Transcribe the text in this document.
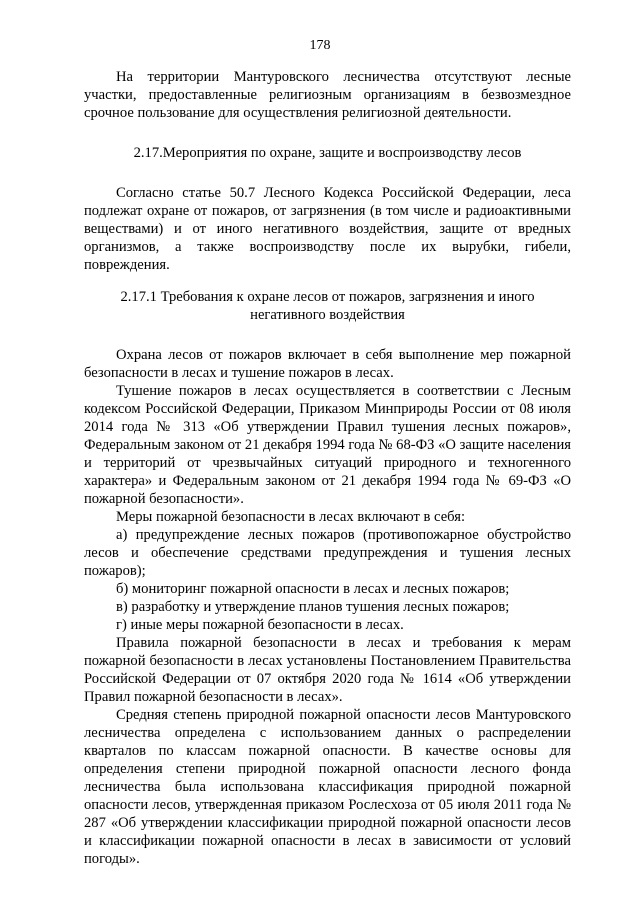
178

На территории Мантуровского лесничества отсутствуют лесные участки, предоставленные религиозным организациям в безвозмездное срочное пользование для осуществления религиозной деятельности.

2.17.Мероприятия по охране, защите и воспроизводству лесов

Согласно статье 50.7 Лесного Кодекса Российской Федерации, леса подлежат охране от пожаров, от загрязнения (в том числе и радиоактивными веществами) и от иного негативного воздействия, защите от вредных организмов, а также воспроизводству после их вырубки, гибели, повреждения.

2.17.1 Требования к охране лесов от пожаров, загрязнения и иного негативного воздействия

Охрана лесов от пожаров включает в себя выполнение мер пожарной безопасности в лесах и тушение пожаров в лесах.

Тушение пожаров в лесах осуществляется в соответствии с Лесным кодексом Российской Федерации, Приказом Минприроды России от 08 июля 2014 года № 313 «Об утверждении Правил тушения лесных пожаров», Федеральным законом от 21 декабря 1994 года № 68-ФЗ «О защите населения и территорий от чрезвычайных ситуаций природного и техногенного характера» и Федеральным законом от 21 декабря 1994 года № 69-ФЗ «О пожарной безопасности».

Меры пожарной безопасности в лесах включают в себя:

а) предупреждение лесных пожаров (противопожарное обустройство лесов и обеспечение средствами предупреждения и тушения лесных пожаров);

б) мониторинг пожарной опасности в лесах и лесных пожаров;

в) разработку и утверждение планов тушения лесных пожаров;

г) иные меры пожарной безопасности в лесах.

Правила пожарной безопасности в лесах и требования к мерам пожарной безопасности в лесах установлены Постановлением Правительства Российской Федерации от 07 октября 2020 года № 1614 «Об утверждении Правил пожарной безопасности в лесах».

Средняя степень природной пожарной опасности лесов Мантуровского лесничества определена с использованием данных о распределении кварталов по классам пожарной опасности. В качестве основы для определения степени природной пожарной опасности лесного фонда лесничества была использована классификация природной пожарной опасности лесов, утвержденная приказом Рослесхоза от 05 июля 2011 года № 287 «Об утверждении классификации природной пожарной опасности лесов и классификации пожарной опасности в лесах в зависимости от условий погоды».
